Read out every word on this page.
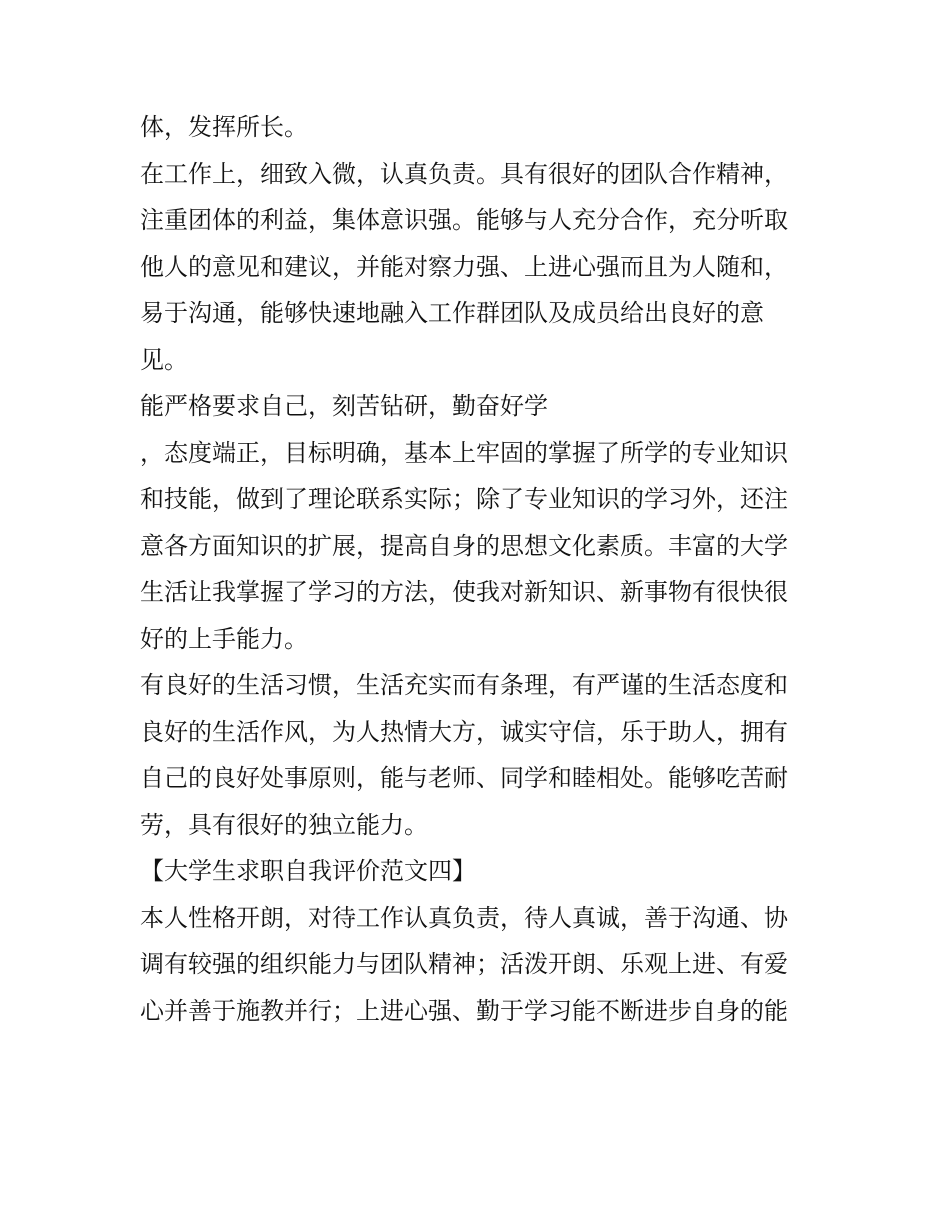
体，发挥所长。
在工作上，细致入微，认真负责。具有很好的团队合作精神，
注重团体的利益，集体意识强。能够与人充分合作，充分听取
他人的意见和建议，并能对察力强、上进心强而且为人随和，
易于沟通，能够快速地融入工作群团队及成员给出良好的意
见。
能严格要求自己，刻苦钻研，勤奋好学
，态度端正，目标明确，基本上牢固的掌握了所学的专业知识
和技能，做到了理论联系实际；除了专业知识的学习外，还注
意各方面知识的扩展，提高自身的思想文化素质。丰富的大学
生活让我掌握了学习的方法，使我对新知识、新事物有很快很
好的上手能力。
有良好的生活习惯，生活充实而有条理，有严谨的生活态度和
良好的生活作风，为人热情大方，诚实守信，乐于助人，拥有
自己的良好处事原则，能与老师、同学和睦相处。能够吃苦耐
劳，具有很好的独立能力。
【大学生求职自我评价范文四】
本人性格开朗，对待工作认真负责，待人真诚，善于沟通、协
调有较强的组织能力与团队精神；活泼开朗、乐观上进、有爱
心并善于施教并行；上进心强、勤于学习能不断进步自身的能
